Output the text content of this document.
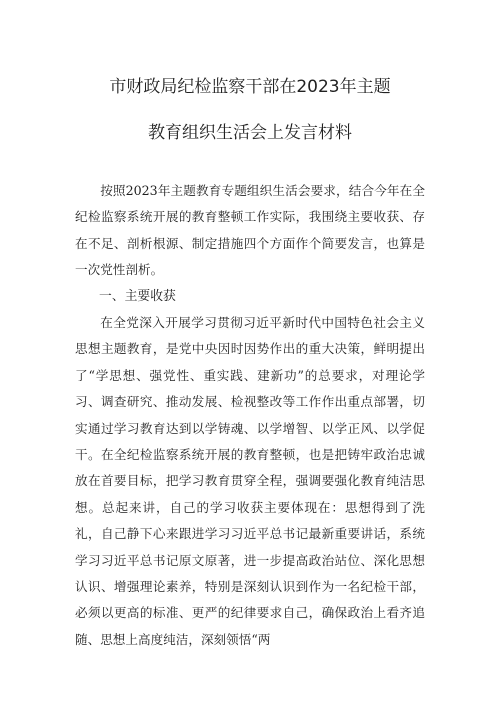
市财政局纪检监察干部在2023年主题
教育组织生活会上发言材料

按照2023年主题教育专题组织生活会要求，结合今年在全纪检监察系统开展的教育整顿工作实际，我围绕主要收获、存在不足、剖析根源、制定措施四个方面作个简要发言，也算是一次党性剖析。

一、主要收获

在全党深入开展学习贯彻习近平新时代中国特色社会主义思想主题教育，是党中央因时因势作出的重大决策，鲜明提出了“学思想、强党性、重实践、建新功”的总要求，对理论学习、调查研究、推动发展、检视整改等工作作出重点部署，切实通过学习教育达到以学铸魂、以学增智、以学正风、以学促干。在全纪检监察系统开展的教育整顿，也是把铸牢政治忠诚放在首要目标，把学习教育贯穿全程，强调要强化教育纯洁思想。总起来讲，自己的学习收获主要体现在：思想得到了洗礼，自己静下心来跟进学习习近平总书记最新重要讲话，系统学习习近平总书记原文原著，进一步提高政治站位、深化思想认识、增强理论素养，特别是深刻认识到作为一名纪检干部，必须以更高的标准、更严的纪律要求自己，确保政治上看齐追随、思想上高度纯洁，深刻领悟“两
